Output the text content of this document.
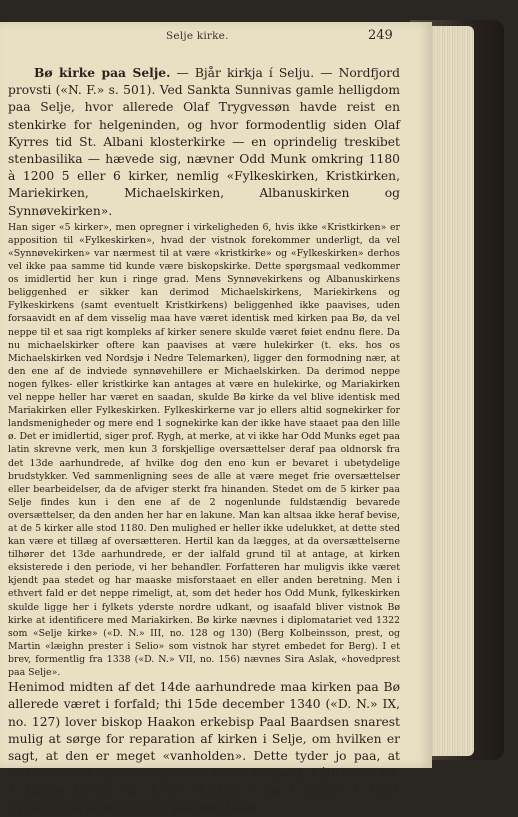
Selje kirke.	249

Bø kirke paa Selje. — Bjår kirkja í Selju. — Nordfjord provsti («N. F.» s. 501). Ved Sankta Sunnivas gamle helligdom paa Selje, hvor allerede Olaf Trygvessøn havde reist en stenkirke for helgeninden, og hvor formodentlig siden Olaf Kyrres tid St. Albani klosterkirke — en oprindelig treskibet stenbasilika — hævede sig, nævner Odd Munk omkring 1180 à 1200 5 eller 6 kirker, nemlig «Fylkeskirken, Kristkirken, Mariekirken, Michaelskirken, Albanuskirken og Synnøvekirken».

Han siger «5 kirker», men opregner i virkeligheden 6, hvis ikke «Kristkirken» er apposition til «Fylkeskirken», hvad der vistnok forekommer underligt, da vel «Synnøvekirken» var nærmest til at være «kristkirke» og «Fylkeskirken» derhos vel ikke paa samme tid kunde være biskopskirke. Dette spørgsmaal vedkommer os imidlertid her kun i ringe grad. Mens Synnøvekirkens og Albanuskirkens beliggenhed er sikker kan derimod Michaelskirkens, Mariekirkens og Fylkeskirkens (samt eventuelt Kristkirkens) beliggenhed ikke paavises, uden forsaavidt en af dem visselig maa have været identisk med kirken paa Bø, da vel neppe til et saa rigt kompleks af kirker senere skulde været føiet endnu flere. Da nu michaelskirker oftere kan paavises at være hulekirker (t. eks. hos os Michaelskirken ved Nordsjø i Nedre Telemarken), ligger den formodning nær, at den ene af de indviede synnøvehillere er Michaelskirken. Da derimod neppe nogen fylkes- eller kristkirke kan antages at være en hulekirke, og Mariakirken vel neppe heller har været en saadan, skulde Bø kirke da vel blive identisk med Mariakirken eller Fylkeskirken. Fylkeskirkerne var jo ellers altid sognekirker for landsmenigheder og mere end 1 sognekirke kan der ikke have staaet paa den lille ø. Det er imidlertid, siger prof. Rygh, at merke, at vi ikke har Odd Munks eget paa latin skrevne verk, men kun 3 forskjellige oversættelser deraf paa oldnorsk fra det 13de aarhundrede, af hvilke dog den eno kun er bevaret i ubetydelige brudstykker. Ved sammenligning sees de alle at være meget frie oversættelser eller bearbeidelser, da de afviger sterkt fra hinanden. Stedet om de 5 kirker paa Selje findes kun i den ene af de 2 nogenlunde fuldstændig bevarede oversættelser, da den anden her har en lakune. Man kan altsaa ikke heraf bevise, at de 5 kirker alle stod 1180. Den mulighed er heller ikke udelukket, at dette sted kan være et tillæg af oversætteren. Hertil kan da lægges, at da oversættelserne tilhører det 13de aarhundrede, er der ialfald grund til at antage, at kirken eksisterede i den periode, vi her behandler. Forfatteren har muligvis ikke været kjendt paa stedet og har maaske misforstaaet en eller anden beretning. Men i ethvert fald er det neppe rimeligt, at, som det heder hos Odd Munk, fylkeskirken skulde ligge her i fylkets yderste nordre udkant, og isaafald bliver vistnok Bø kirke at identificere med Mariakirken. Bø kirke nævnes i diplomatariet ved 1322 som «Selje kirke» («D. N.» III, no. 128 og 130) (Berg Kolbeinsson, prest, og Martin «læighn prester i Selio» som vistnok har styret embedet for Berg). I et brev, formentlig fra 1338 («D. N.» VII, no. 156) nævnes Sira Aslak, «hovedprest paa Selje».

Henimod midten af det 14de aarhundrede maa kirken paa Bø allerede været i forfald; thi 15de december 1340 («D. N.» IX, no. 127) lover biskop Haakon erkebisp Paal Baardsen snarest mulig at sørge for reparation af kirken i Selje, om hvilken er sagt, at den er meget «vanholden». Dette tyder jo paa, at kirken da har været en gammel kirke. I «Bjørg. Kálfskinn» fol. 1 kaldes kirken ca. 1360 «Kirkjan i Bø i Selju». I 1654 flyttedes Bo kirke over til gaarden Hove
